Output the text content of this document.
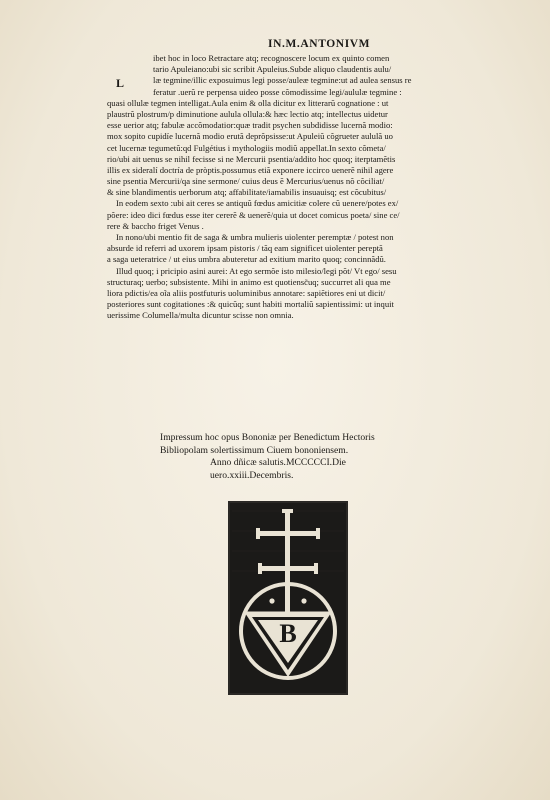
IN.M.ANTONIVM
L
ibet hoc in loco Retractare atq; recognoscere locum ex quinto comen
tario Apuleiano:ubi sic scribit Apuleius.Subde aliquo claudentis aulu/
læ tegmine/illic exposuimus legi posse/auleæ tegmine:ut ad aulea sensus re
feratur .uerũ re perpensa uideo posse cõmodissime legi/aululæ tegmine :
quasi ollulæ tegmen intelligat.Aula enim & olla dicitur ex litterarũ cognatione : ut
plaustrũ plostrum/p diminutione aulula ollula:& hæc lectio atq; intellectus uidetur
esse uerior atq; fabulæ accõmodatior:quæ tradit psychen subdidisse lucernã modio:
mox sopito cupidíe lucernã modio erutã deprõpsisse:ut Apuleiũ cõgrueter aululã uo
cet lucernæ tegumetũ:qd Fulgétius i mythologiis modiũ appellat.In sexto cõmeta/
rio/ubi ait uenus se nihil fecisse si ne Mercurii psentia/addito hoc quoq; iterptamẽtis
illis ex sideralí doctría de pròptis.possumus etiã exponere iccirco uenerẽ nihil agere
sine psentia Mercurii/qa sine sermone/ cuius deus ẽ Mercurius/uenus nõ cõciliat/
& sine blandimentis uerborum atq; affabilitate/iamabilis insuauisq; est cõcubitus/
In eodem sexto :ubi ait ceres se antiquũ fœdus amicitiæ colere cũ uenere/potes ex/
põere: ideo dici fœdus esse iter cererẽ & uenerẽ/quia ut docet comicus poeta/ sine ce/
rere & baccho friget Venus .
In nono/ubi mentio fit de saga & umbra mulieris uiolenter peremptæ / potest non
absurde id referri ad uxorem ipsam pistoris / tãq eam significet uiolenter pereptã
a saga ueteratrice / ut eius umbra abuteretur ad exitium marito quoq; concinnãdũ.
Illud quoq; i pricipio asini aurei: At ego sermõe isto milesio/legi põt/ Vt ego/ sesu
structuraq; uerbo; subsistente. Mihi in animo est quotiensc̃uq; succurret ali qua me
liora pdictis/ea oĩa aliis postfuturis uoluminibus annotare: sapiẽtiores eni ut dicit/
posteriores sunt cogitationes :& quicũq; sunt habiti mortaliũ sapientissimi: ut inquit
uerissime Columella/multa dicuntur scisse non omnia.
Impressum hoc opus Bononiæ per Benedictum Hectoris
Bibliopolam solertissimum Ciuem bononiensem.
Anno dñicæ salutis.MCCCCCI.Die
uero.xxiii.Decembris.
B
